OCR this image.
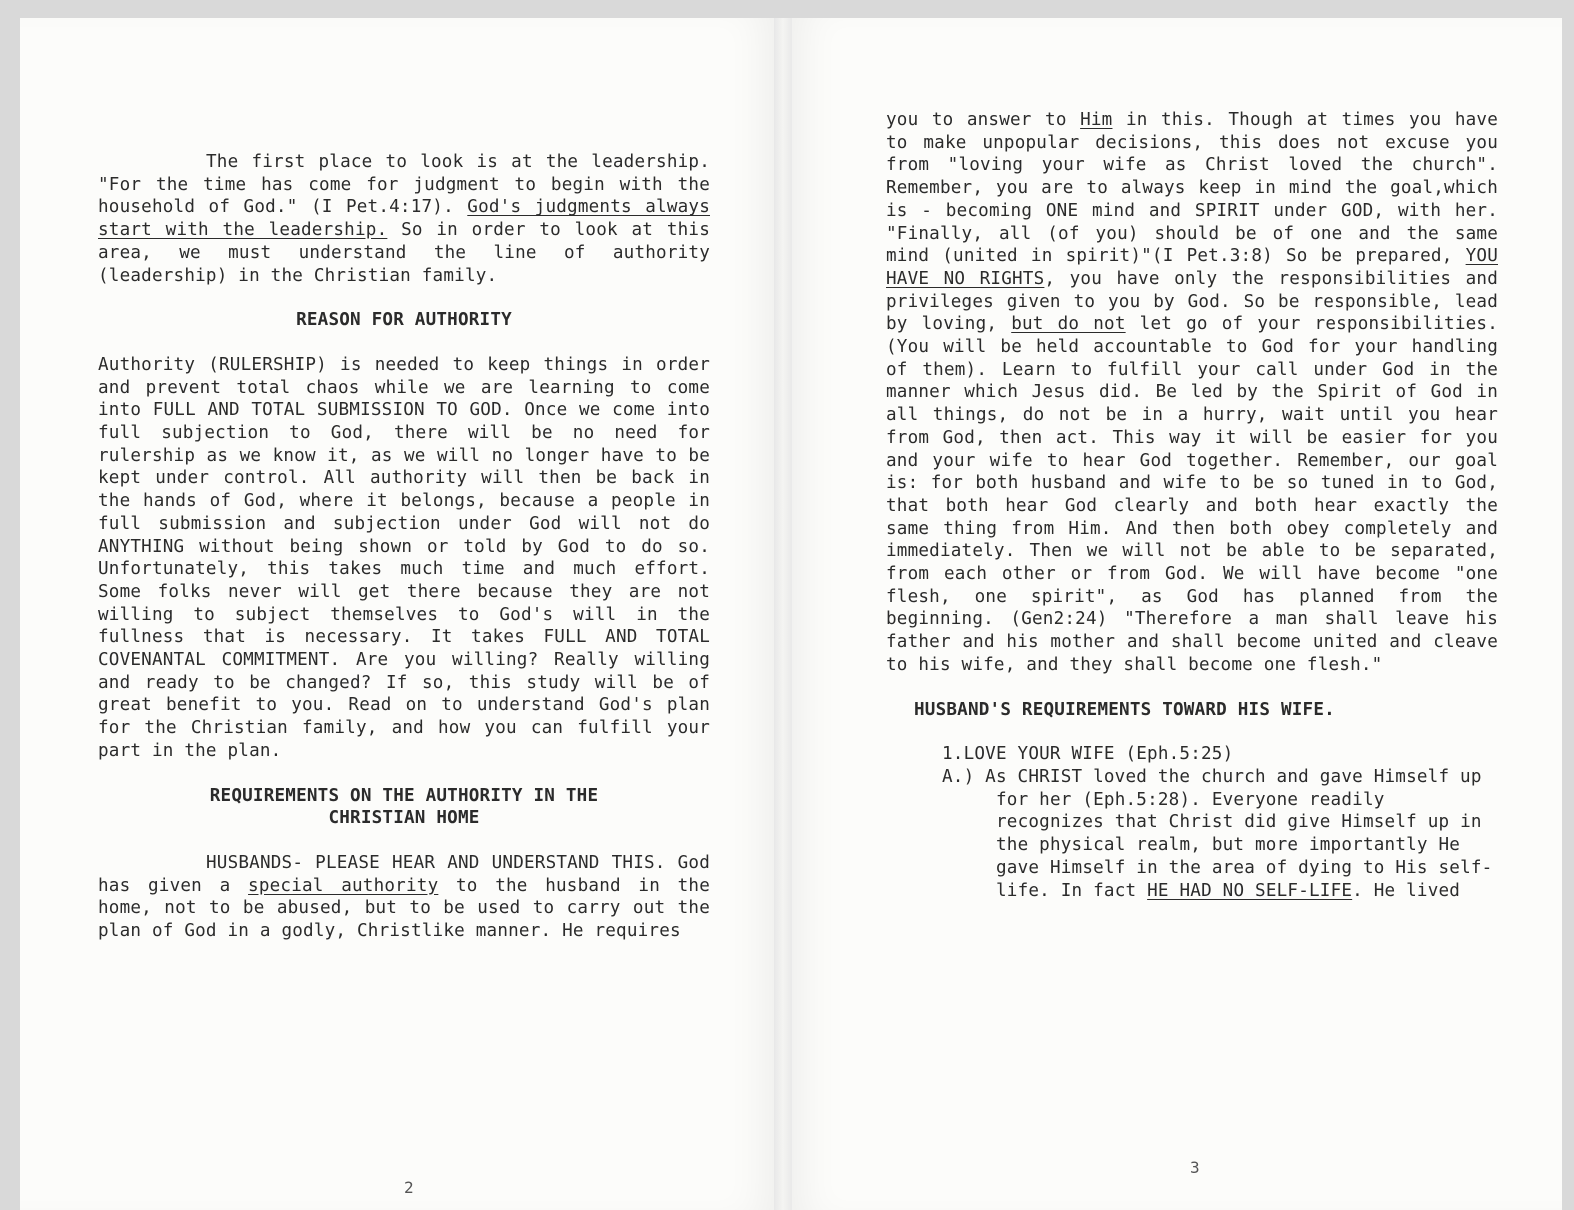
The first place to look is at the leadership. "For the time has come for judgment to begin with the household of God." (I Pet.4:17). God's judgments always start with the leadership. So in order to look at this area, we must understand the line of authority (leadership) in the Christian family.

REASON FOR AUTHORITY

Authority (RULERSHIP) is needed to keep things in order and prevent total chaos while we are learning to come into FULL AND TOTAL SUBMISSION TO GOD. Once we come into full subjection to God, there will be no need for rulership as we know it, as we will no longer have to be kept under control. All authority will then be back in the hands of God, where it belongs, because a people in full submission and subjection under God will not do ANYTHING without being shown or told by God to do so. Unfortunately, this takes much time and much effort. Some folks never will get there because they are not willing to subject themselves to God's will in the fullness that is necessary. It takes FULL AND TOTAL COVENANTAL COMMITMENT. Are you willing? Really willing and ready to be changed? If so, this study will be of great benefit to you. Read on to understand God's plan for the Christian family, and how you can fulfill your part in the plan.

REQUIREMENTS ON THE AUTHORITY IN THE
CHRISTIAN HOME

HUSBANDS- PLEASE HEAR AND UNDERSTAND THIS. God has given a special authority to the husband in the home, not to be abused, but to be used to carry out the plan of God in a godly, Christlike manner. He requires

2

you to answer to Him in this. Though at times you have to make unpopular decisions, this does not excuse you from "loving your wife as Christ loved the church". Remember, you are to always keep in mind the goal,which is - becoming ONE mind and SPIRIT under GOD, with her. "Finally, all (of you) should be of one and the same mind (united in spirit)"(I Pet.3:8) So be prepared, YOU HAVE NO RIGHTS, you have only the responsibilities and privileges given to you by God. So be responsible, lead by loving, but do not let go of your responsibilities. (You will be held accountable to God for your handling of them). Learn to fulfill your call under God in the manner which Jesus did. Be led by the Spirit of God in all things, do not be in a hurry, wait until you hear from God, then act. This way it will be easier for you and your wife to hear God together. Remember, our goal is: for both husband and wife to be so tuned in to God, that both hear God clearly and both hear exactly the same thing from Him. And then both obey completely and immediately. Then we will not be able to be separated, from each other or from God. We will have become "one flesh, one spirit", as God has planned from the beginning. (Gen2:24) "Therefore a man shall leave his father and his mother and shall become united and cleave to his wife, and they shall become one flesh."

HUSBAND'S REQUIREMENTS TOWARD HIS WIFE.

1.LOVE YOUR WIFE (Eph.5:25)

A.) As CHRIST loved the church and gave Himself up for her (Eph.5:28). Everyone readily recognizes that Christ did give Himself up in the physical realm, but more importantly He gave Himself in the area of dying to His self-life. In fact HE HAD NO SELF-LIFE. He lived

3
